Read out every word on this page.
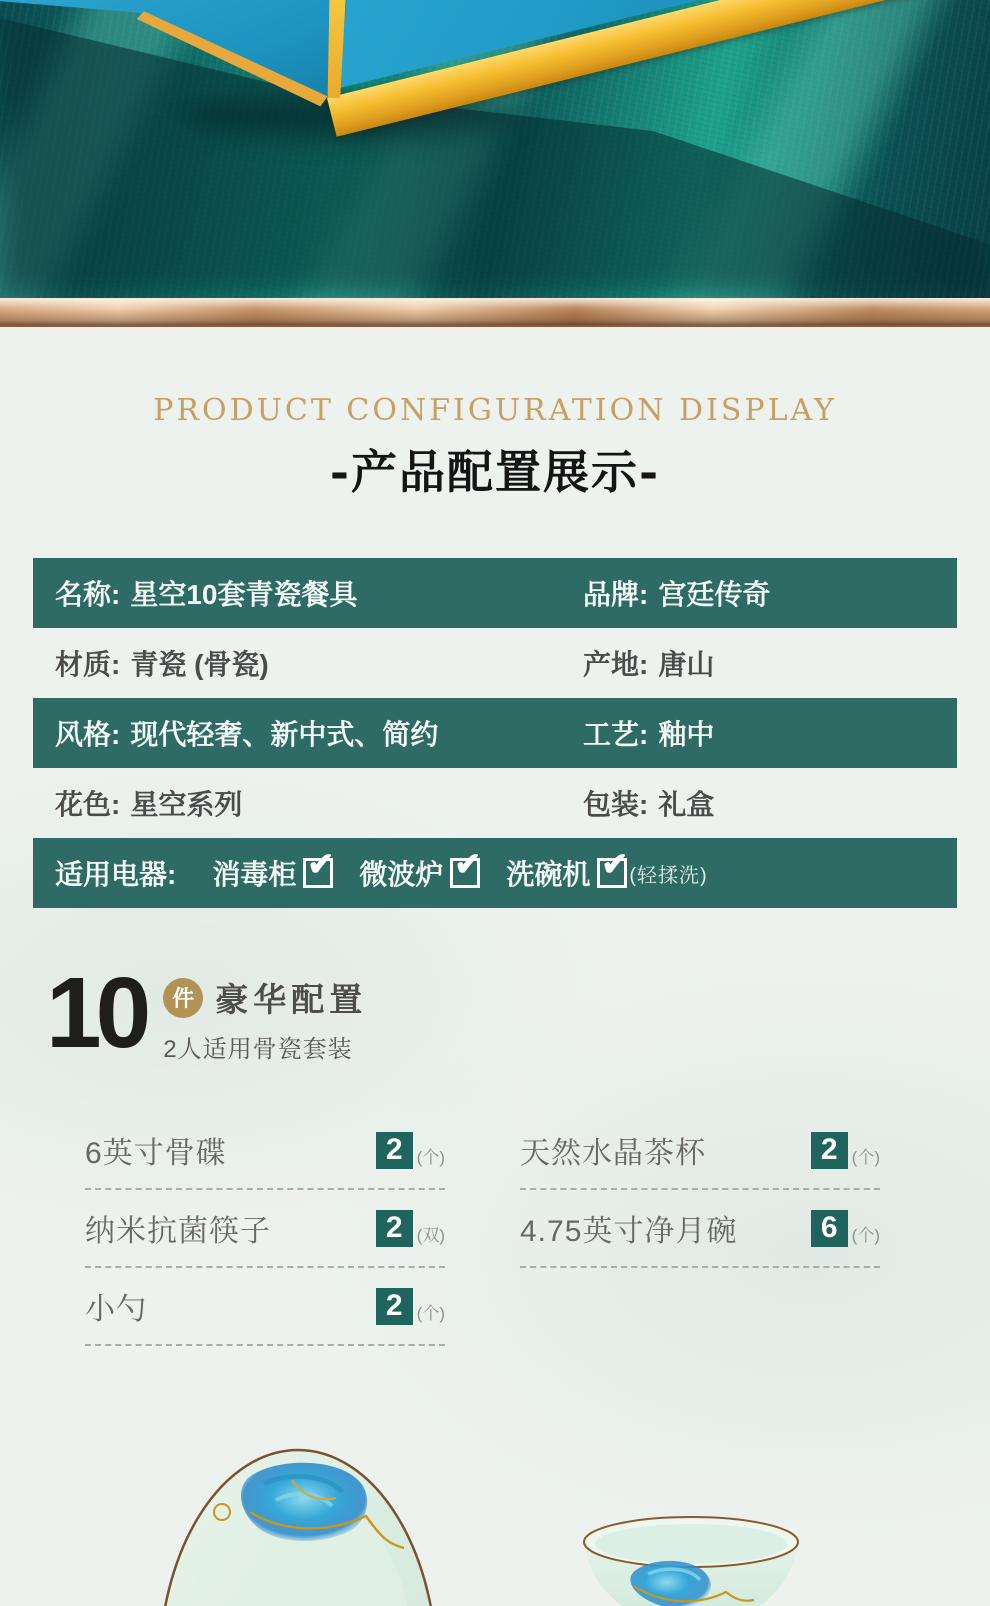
PRODUCT CONFIGURATION DISPLAY
-产品配置展示-
名称: 星空10套青瓷餐具	品牌: 宫廷传奇
材质: 青瓷 (骨瓷)	产地: 唐山
风格: 现代轻奢、新中式、简约	工艺: 釉中
花色: 星空系列	包装: 礼盒
适用电器: 消毒柜 ✔ 微波炉 ✔ 洗碗机 ✔ (轻揉洗)
10	件 豪华配置
2人适用骨瓷套装
6英寸骨碟	2 (个)
纳米抗菌筷子	2 (双)
小勺	2 (个)
天然水晶茶杯	2 (个)
4.75英寸净月碗	6 (个)
